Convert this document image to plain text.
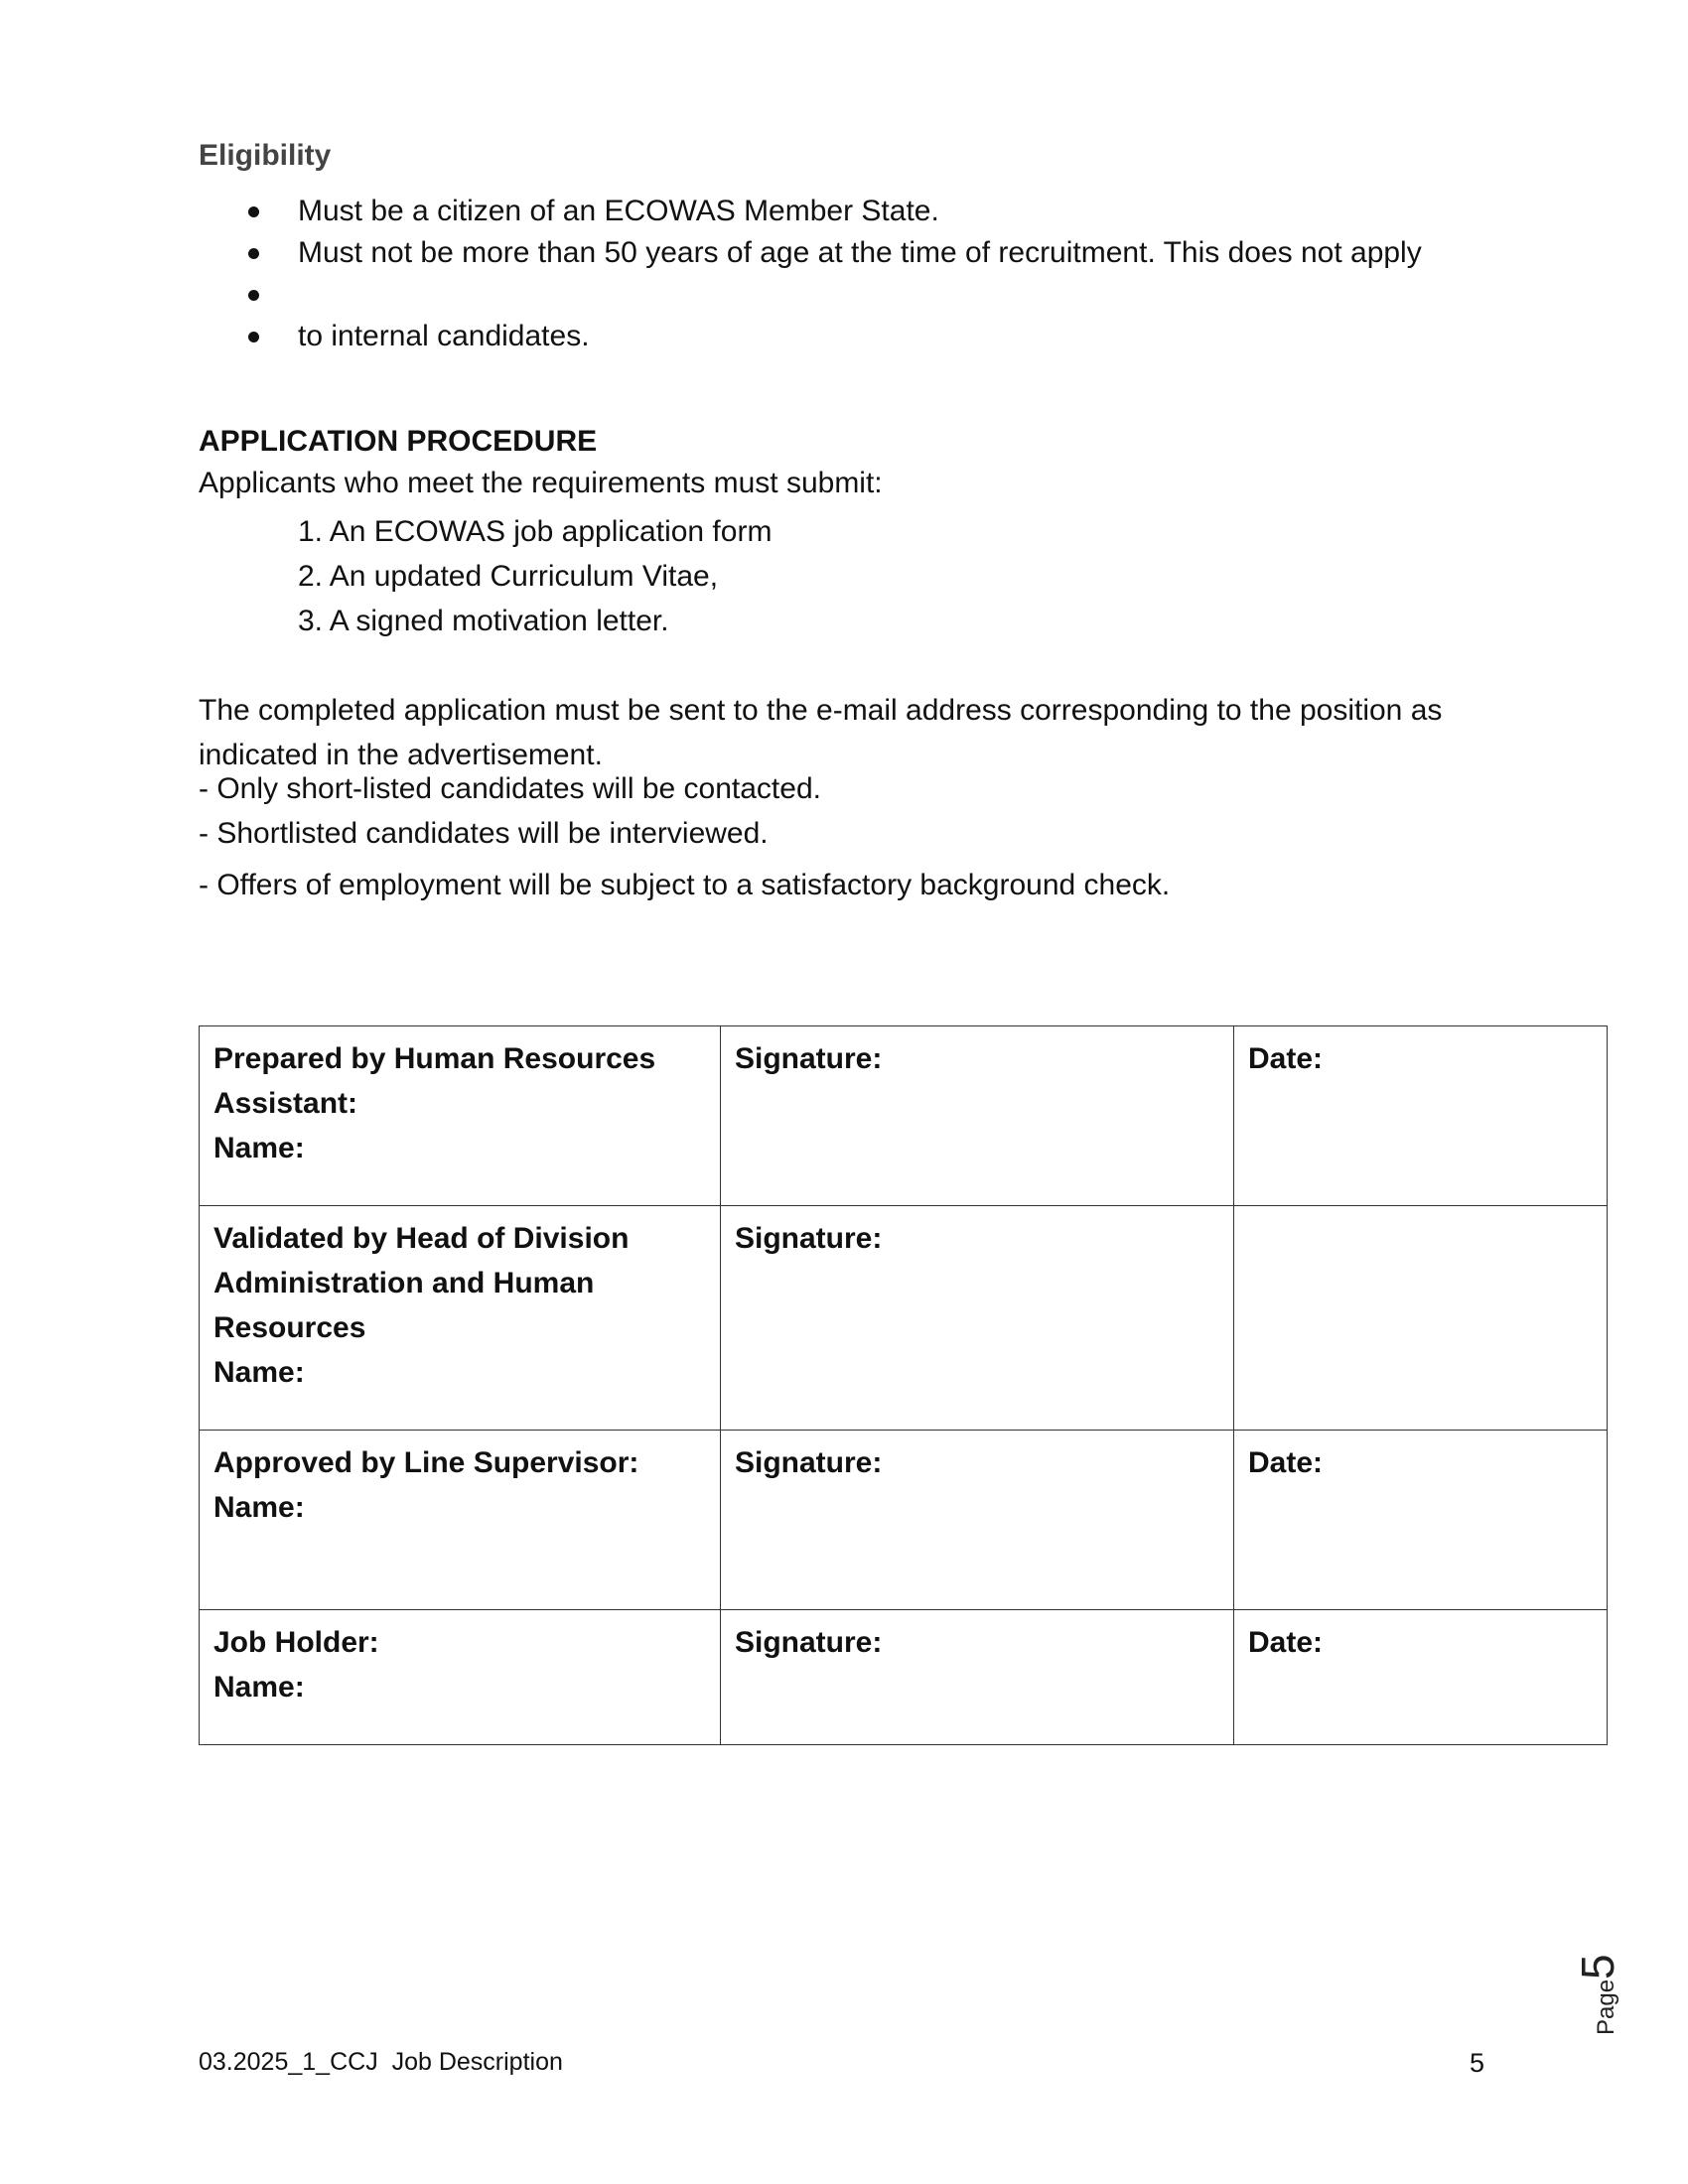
Eligibility
Must be a citizen of an ECOWAS Member State.
Must not be more than 50 years of age at the time of recruitment. This does not apply
to internal candidates.
APPLICATION PROCEDURE
Applicants who meet the requirements must submit:
1. An ECOWAS job application form
2. An updated Curriculum Vitae,
3. A signed motivation letter.
The completed application must be sent to the e-mail address corresponding to the position as indicated in the advertisement.
- Only short-listed candidates will be contacted.
- Shortlisted candidates will be interviewed.
- Offers of employment will be subject to a satisfactory background check.
Prepared by Human Resources
Assistant:
Name:	Signature:	Date:

Validated by Head of Division
Administration and Human
Resources
Name:	Signature:	

Approved by Line Supervisor:
Name:	Signature:	Date:

Job Holder:
Name:	Signature:	Date:
Page5
03.2025_1_CCJ  Job Description	5
